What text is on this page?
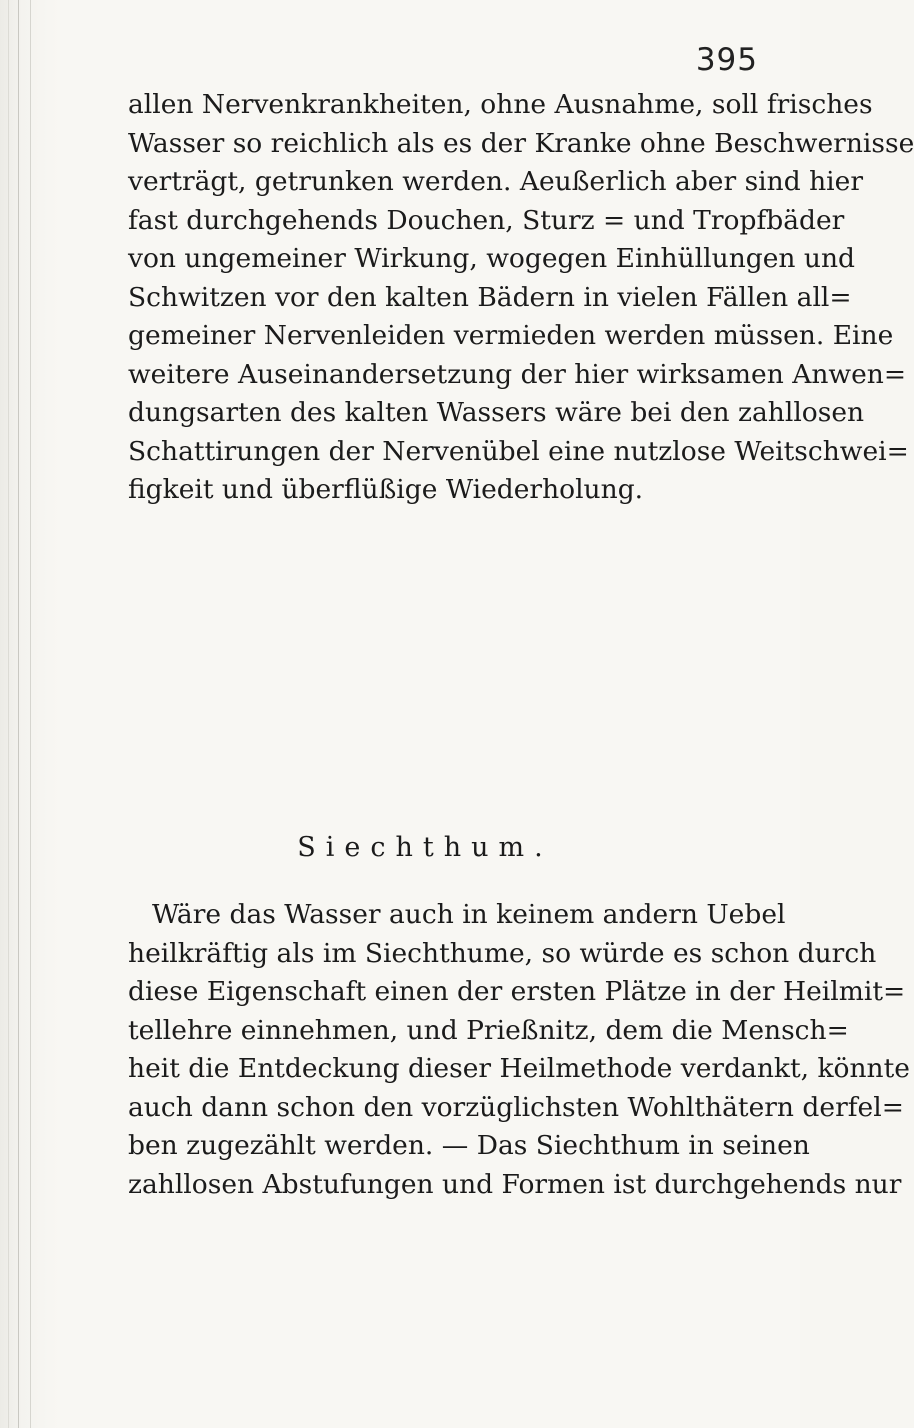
395
allen Nervenkrankheiten, ohne Ausnahme, soll frisches
Wasser so reichlich als es der Kranke ohne Beschwernisse
verträgt, getrunken werden. Aeußerlich aber sind hier
fast durchgehends Douchen, Sturz = und Tropfbäder
von ungemeiner Wirkung, wogegen Einhüllungen und
Schwitzen vor den kalten Bädern in vielen Fällen all=
gemeiner Nervenleiden vermieden werden müssen. Eine
weitere Auseinandersetzung der hier wirksamen Anwen=
dungsarten des kalten Wassers wäre bei den zahllosen
Schattirungen der Nervenübel eine nutzlose Weitschwei=
figkeit und überflüßige Wiederholung.
Siechthum.
Wäre das Wasser auch in keinem andern Uebel
heilkräftig als im Siechthume, so würde es schon durch
diese Eigenschaft einen der ersten Plätze in der Heilmit=
tellehre einnehmen, und Prießnitz, dem die Mensch=
heit die Entdeckung dieser Heilmethode verdankt, könnte
auch dann schon den vorzüglichsten Wohlthätern derfel=
ben zugezählt werden. — Das Siechthum in seinen
zahllosen Abstufungen und Formen ist durchgehends nur
